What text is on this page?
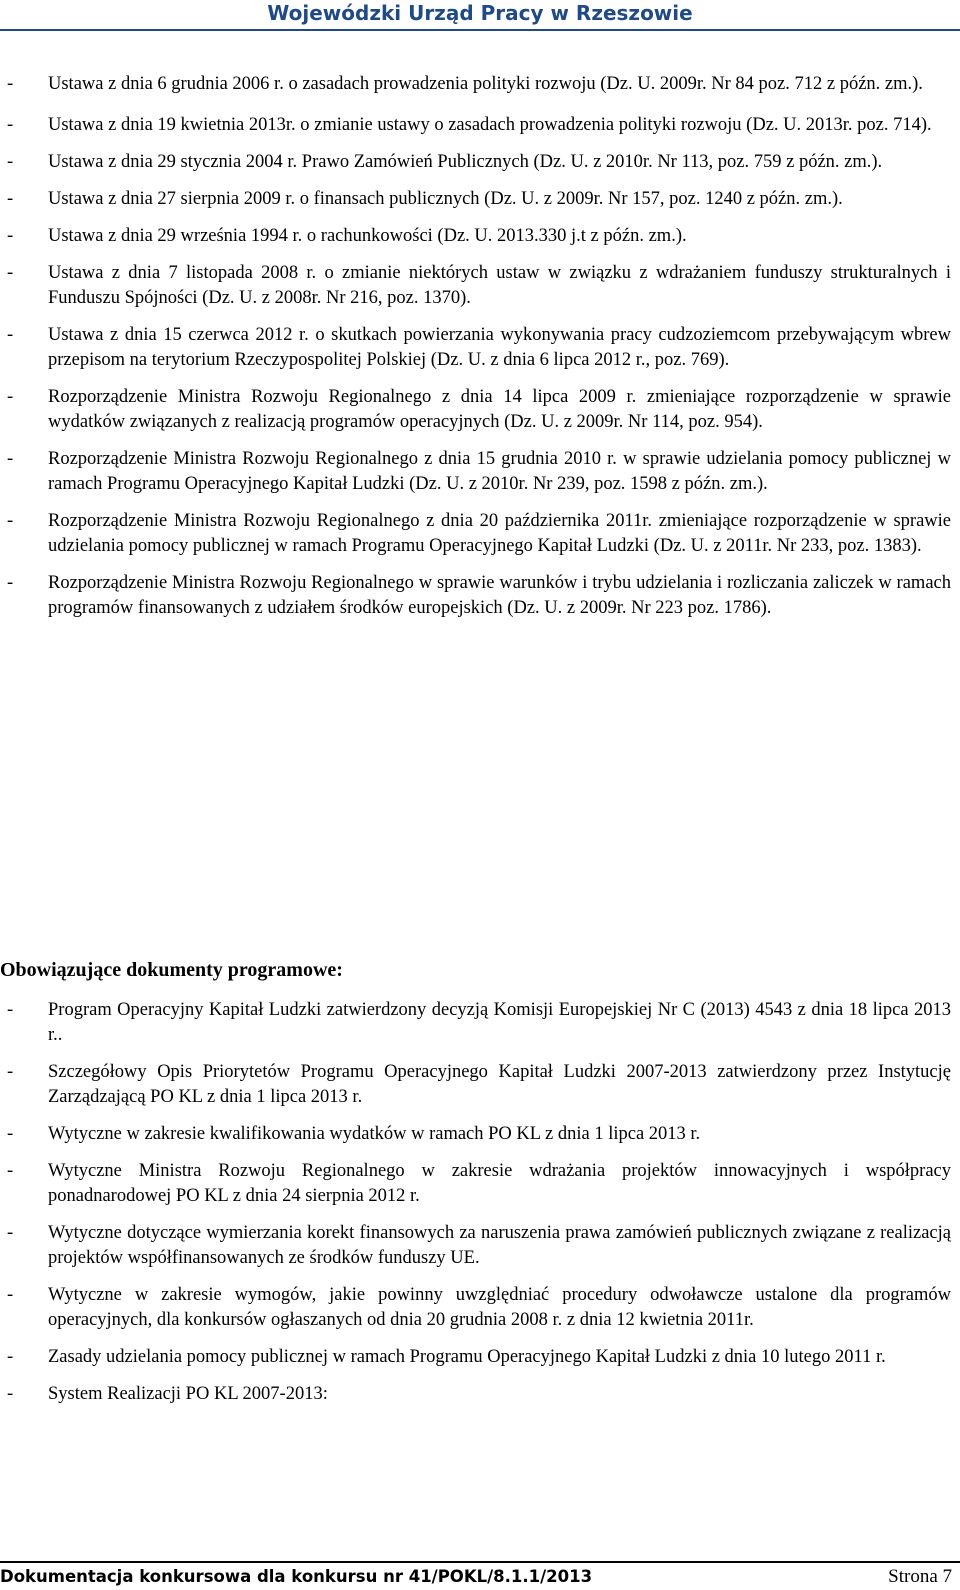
Wojewódzki Urząd Pracy w Rzeszowie

- Ustawa z dnia 6 grudnia 2006 r. o zasadach prowadzenia polityki rozwoju (Dz. U. 2009r. Nr 84 poz. 712 z późn. zm.).

- Ustawa z dnia 19 kwietnia 2013r. o zmianie ustawy o zasadach prowadzenia polityki rozwoju (Dz. U. 2013r. poz. 714).

- Ustawa z dnia 29 stycznia 2004 r. Prawo Zamówień Publicznych (Dz. U. z 2010r. Nr 113, poz. 759 z późn. zm.).

- Ustawa z dnia 27 sierpnia 2009 r. o finansach publicznych (Dz. U. z 2009r. Nr 157, poz. 1240 z późn. zm.).

- Ustawa z dnia 29 września 1994 r. o rachunkowości (Dz. U. 2013.330 j.t z późn. zm.).

- Ustawa z dnia 7 listopada 2008 r. o zmianie niektórych ustaw w związku z wdrażaniem funduszy strukturalnych i Funduszu Spójności (Dz. U. z 2008r. Nr 216, poz. 1370).

- Ustawa z dnia 15 czerwca 2012 r. o skutkach powierzania wykonywania pracy cudzoziemcom przebywającym wbrew przepisom na terytorium Rzeczypospolitej Polskiej (Dz. U. z dnia 6 lipca 2012 r., poz. 769).

- Rozporządzenie Ministra Rozwoju Regionalnego z dnia 14 lipca 2009 r. zmieniające rozporządzenie w sprawie wydatków związanych z realizacją programów operacyjnych (Dz. U. z 2009r. Nr 114, poz. 954).

- Rozporządzenie Ministra Rozwoju Regionalnego z dnia 15 grudnia 2010 r. w sprawie udzielania pomocy publicznej w ramach Programu Operacyjnego Kapitał Ludzki (Dz. U. z 2010r. Nr 239, poz. 1598 z późn. zm.).

- Rozporządzenie Ministra Rozwoju Regionalnego z dnia 20 października 2011r. zmieniające rozporządzenie w sprawie udzielania pomocy publicznej w ramach Programu Operacyjnego Kapitał Ludzki (Dz. U. z 2011r. Nr 233, poz. 1383).

- Rozporządzenie Ministra Rozwoju Regionalnego w sprawie warunków i trybu udzielania i rozliczania zaliczek w ramach programów finansowanych z udziałem środków europejskich (Dz. U. z 2009r. Nr 223 poz. 1786).

Obowiązujące dokumenty programowe:

- Program Operacyjny Kapitał Ludzki zatwierdzony decyzją Komisji Europejskiej Nr C (2013) 4543 z dnia 18 lipca 2013 r..

- Szczegółowy Opis Priorytetów Programu Operacyjnego Kapitał Ludzki 2007-2013 zatwierdzony przez Instytucję Zarządzającą PO KL z dnia 1 lipca 2013 r.

- Wytyczne w zakresie kwalifikowania wydatków w ramach PO KL z dnia 1 lipca 2013 r.

- Wytyczne Ministra Rozwoju Regionalnego w zakresie wdrażania projektów innowacyjnych i współpracy ponadnarodowej PO KL z dnia 24 sierpnia 2012 r.

- Wytyczne dotyczące wymierzania korekt finansowych za naruszenia prawa zamówień publicznych związane z realizacją projektów współfinansowanych ze środków funduszy UE.

- Wytyczne w zakresie wymogów, jakie powinny uwzględniać procedury odwoławcze ustalone dla programów operacyjnych, dla konkursów ogłaszanych od dnia 20 grudnia 2008 r. z dnia 12 kwietnia 2011r.

- Zasady udzielania pomocy publicznej w ramach Programu Operacyjnego Kapitał Ludzki z dnia 10 lutego 2011 r.

- System Realizacji PO KL 2007-2013:

Dokumentacja konkursowa dla konkursu nr 41/POKL/8.1.1/2013	Strona 7
